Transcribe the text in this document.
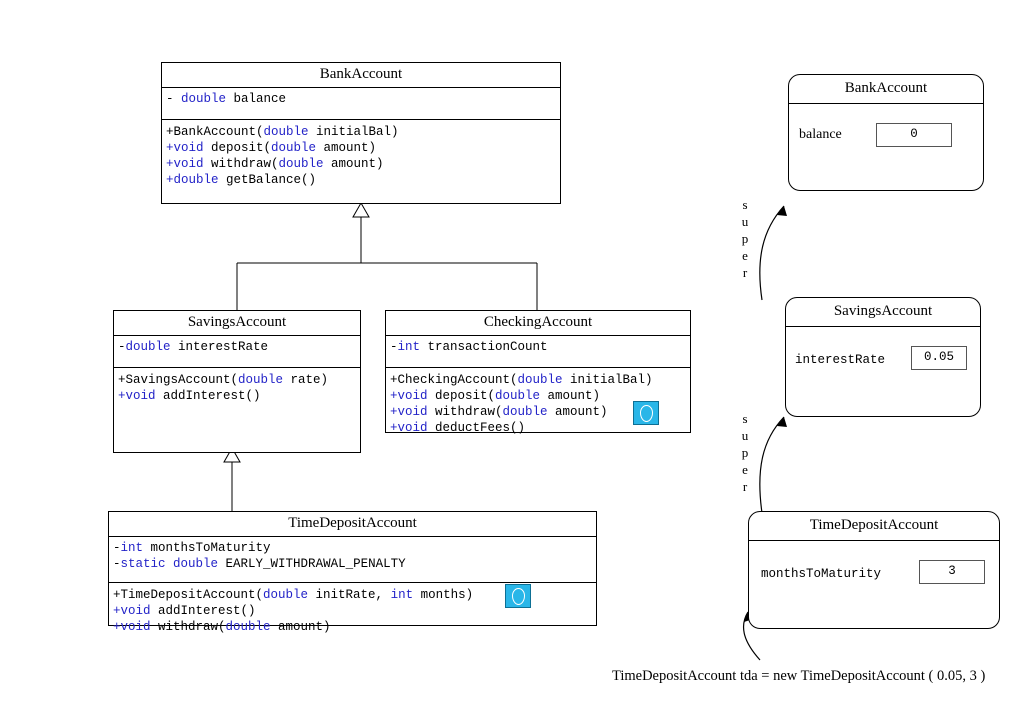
BankAccount
- double balance
+BankAccount(double initialBal)
+void deposit(double amount)
+void withdraw(double amount)
+double getBalance()
SavingsAccount
-double interestRate
+SavingsAccount(double rate)
+void addInterest()
CheckingAccount
-int transactionCount
+CheckingAccount(double initialBal)
+void deposit(double amount)
+void withdraw(double amount)
+void deductFees()
TimeDepositAccount
-int monthsToMaturity
-static double EARLY_WITHDRAWAL_PENALTY
+TimeDepositAccount(double initRate, int months)
+void addInterest()
+void withdraw(double amount)
BankAccount
balance	0
SavingsAccount
interestRate	0.05
TimeDepositAccount
monthsToMaturity	3
s
u
p
e
r
s
u
p
e
r
TimeDepositAccount tda = new TimeDepositAccount ( 0.05, 3 )
